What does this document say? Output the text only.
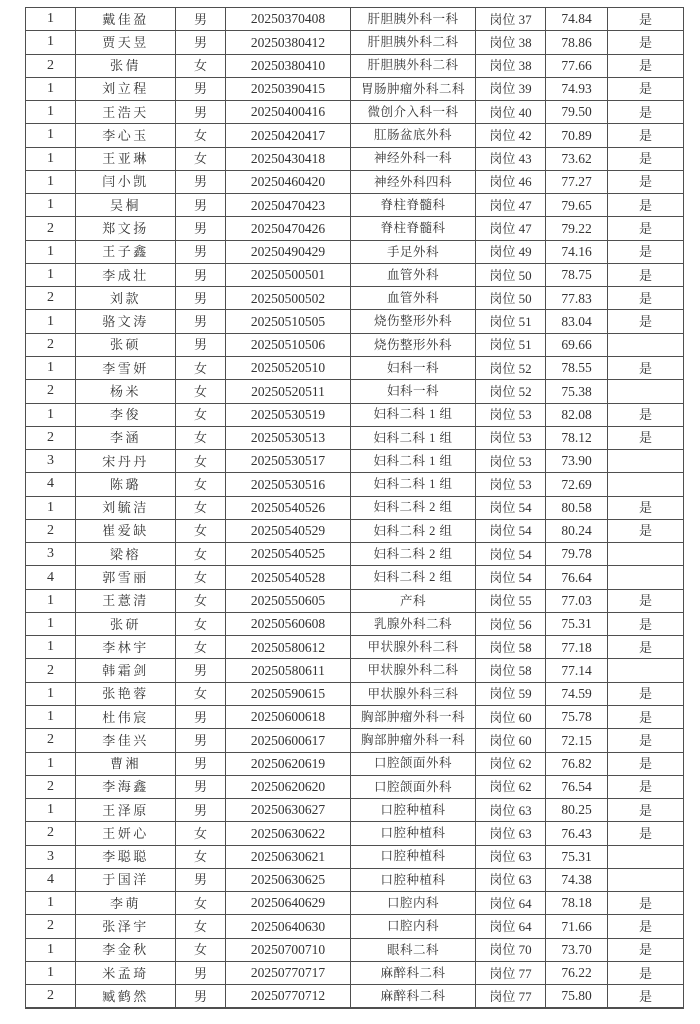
1	戴佳盈	男	20250370408	肝胆胰外科一科	岗位 37	74.84	是
1	贾天昱	男	20250380412	肝胆胰外科二科	岗位 38	78.86	是
2	张倩	女	20250380410	肝胆胰外科二科	岗位 38	77.66	是
1	刘立程	男	20250390415	胃肠肿瘤外科二科	岗位 39	74.93	是
1	王浩天	男	20250400416	微创介入科一科	岗位 40	79.50	是
1	李心玉	女	20250420417	肛肠盆底外科	岗位 42	70.89	是
1	王亚琳	女	20250430418	神经外科一科	岗位 43	73.62	是
1	闫小凯	男	20250460420	神经外科四科	岗位 46	77.27	是
1	吴桐	男	20250470423	脊柱脊髓科	岗位 47	79.65	是
2	郑文扬	男	20250470426	脊柱脊髓科	岗位 47	79.22	是
1	王子鑫	男	20250490429	手足外科	岗位 49	74.16	是
1	李成壮	男	20250500501	血管外科	岗位 50	78.75	是
2	刘款	男	20250500502	血管外科	岗位 50	77.83	是
1	骆文涛	男	20250510505	烧伤整形外科	岗位 51	83.04	是
2	张硕	男	20250510506	烧伤整形外科	岗位 51	69.66	
1	李雪妍	女	20250520510	妇科一科	岗位 52	78.55	是
2	杨米	女	20250520511	妇科一科	岗位 52	75.38	
1	李俊	女	20250530519	妇科二科 1 组	岗位 53	82.08	是
2	李涵	女	20250530513	妇科二科 1 组	岗位 53	78.12	是
3	宋丹丹	女	20250530517	妇科二科 1 组	岗位 53	73.90	
4	陈璐	女	20250530516	妇科二科 1 组	岗位 53	72.69	
1	刘毓洁	女	20250540526	妇科二科 2 组	岗位 54	80.58	是
2	崔爱缺	女	20250540529	妇科二科 2 组	岗位 54	80.24	是
3	梁榕	女	20250540525	妇科二科 2 组	岗位 54	79.78	
4	郭雪丽	女	20250540528	妇科二科 2 组	岗位 54	76.64	
1	王薏清	女	20250550605	产科	岗位 55	77.03	是
1	张研	女	20250560608	乳腺外科二科	岗位 56	75.31	是
1	李林宇	女	20250580612	甲状腺外科二科	岗位 58	77.18	是
2	韩霜剑	男	20250580611	甲状腺外科二科	岗位 58	77.14	
1	张艳蓉	女	20250590615	甲状腺外科三科	岗位 59	74.59	是
1	杜伟宸	男	20250600618	胸部肿瘤外科一科	岗位 60	75.78	是
2	李佳兴	男	20250600617	胸部肿瘤外科一科	岗位 60	72.15	是
1	曹湘	男	20250620619	口腔颌面外科	岗位 62	76.82	是
2	李海鑫	男	20250620620	口腔颌面外科	岗位 62	76.54	是
1	王泽原	男	20250630627	口腔种植科	岗位 63	80.25	是
2	王妍心	女	20250630622	口腔种植科	岗位 63	76.43	是
3	李聪聪	女	20250630621	口腔种植科	岗位 63	75.31	
4	于国洋	男	20250630625	口腔种植科	岗位 63	74.38	
1	李萌	女	20250640629	口腔内科	岗位 64	78.18	是
2	张泽宇	女	20250640630	口腔内科	岗位 64	71.66	是
1	李金秋	女	20250700710	眼科二科	岗位 70	73.70	是
1	米孟琦	男	20250770717	麻醉科二科	岗位 77	76.22	是
2	臧鹤然	男	20250770712	麻醉科二科	岗位 77	75.80	是
